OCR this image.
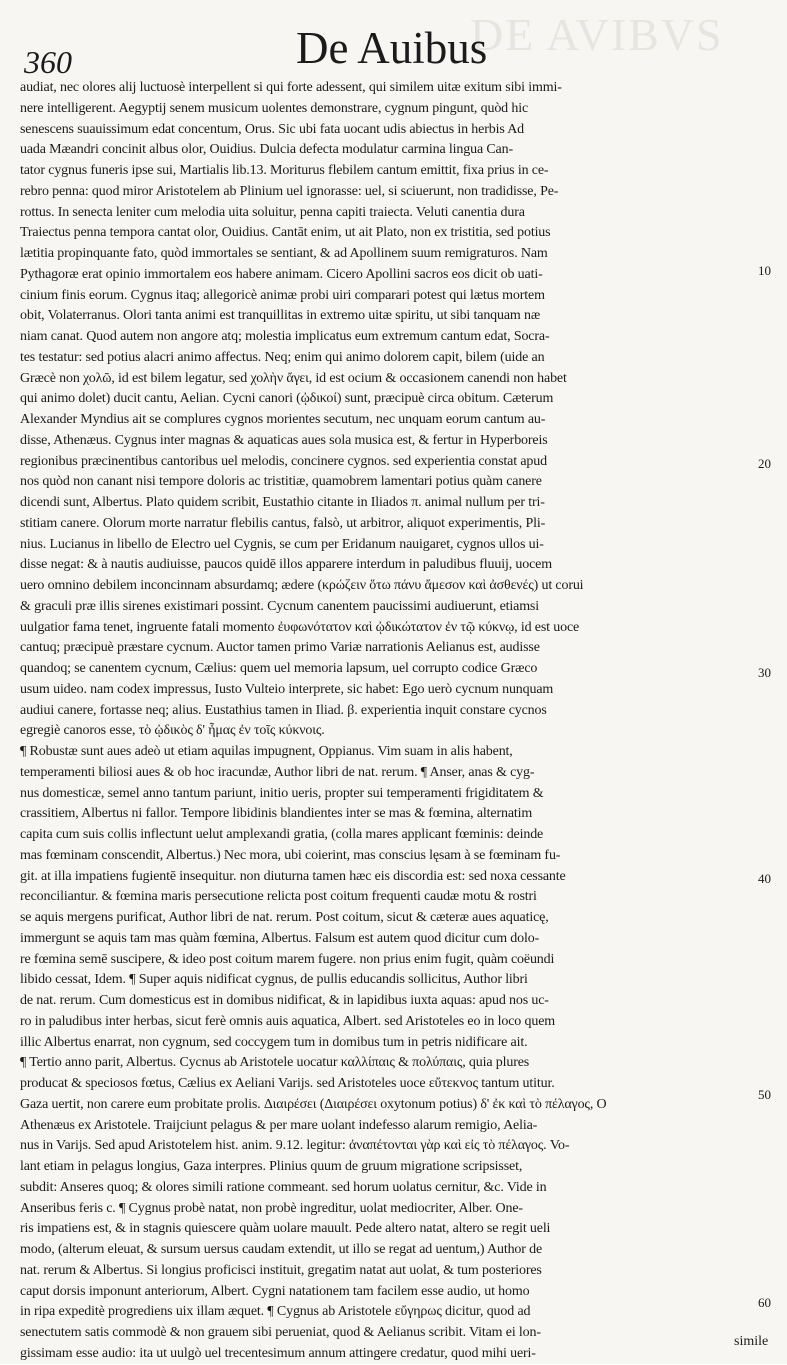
DE AVIBVS
360	De Auibus
audiat, nec olores alij luctuosè interpellent si qui forte adessent, qui similem uitæ exitum sibi immi-
nere intelligerent. Aegyptij senem musicum uolentes demonstrare, cygnum pingunt, quòd hic
senescens suauissimum edat concentum, Orus. Sic ubi fata uocant udis abiectus in herbis Ad
uada Mæandri concinit albus olor, Ouidius. Dulcia defecta modulatur carmina lingua Can-
tator cygnus funeris ipse sui, Martialis lib.13. Moriturus flebilem cantum emittit, fixa prius in ce-
rebro penna: quod miror Aristotelem ab Plinium uel ignorasse: uel, si sciuerunt, non tradidisse, Pe-
rottus. In senecta leniter cum melodia uita soluitur, penna capiti traiecta. Veluti canentia dura
Traiectus penna tempora cantat olor, Ouidius. Cantāt enim, ut ait Plato, non ex tristitia, sed potius
lætitia propinquante fato, quòd immortales se sentiant, & ad Apollinem suum remigraturos. Nam
Pythagoræ erat opinio immortalem eos habere animam. Cicero Apollini sacros eos dicit ob uati-
cinium finis eorum. Cygnus itaq; allegoricè animæ probi uiri comparari potest qui lætus mortem
obit, Volaterranus. Olori tanta animi est tranquillitas in extremo uitæ spiritu, ut sibi tanquam næ
niam canat. Quod autem non angore atq; molestia implicatus eum extremum cantum edat, Socra-
tes testatur: sed potius alacri animo affectus. Neq; enim qui animo dolorem capit, bilem (uide an
Græcè non χολῶ, id est bilem legatur, sed χολὴν ἄγει, id est ocium & occasionem canendi non habet
qui animo dolet) ducit cantu, Aelian. Cycni canori (ᾠδικοί) sunt, præcipuè circa obitum. Cæterum
Alexander Myndius ait se complures cygnos morientes secutum, nec unquam eorum cantum au-
disse, Athenæus. Cygnus inter magnas & aquaticas aues sola musica est, & fertur in Hyperboreis
regionibus præcinentibus cantoribus uel melodis, concinere cygnos. sed experientia constat apud
nos quòd non canant nisi tempore doloris ac tristitiæ, quamobrem lamentari potius quàm canere
dicendi sunt, Albertus. Plato quidem scribit, Eustathio citante in Iliados π. animal nullum per tri-
stitiam canere. Olorum morte narratur flebilis cantus, falsò, ut arbitror, aliquot experimentis, Pli-
nius. Lucianus in libello de Electro uel Cygnis, se cum per Eridanum nauigaret, cygnos ullos ui-
disse negat: & à nautis audiuisse, paucos quidē illos apparere interdum in paludibus fluuij, uocem
uero omnino debilem inconcinnam absurdamq; ædere (κρώζειν ὅτω πάνυ ἄμεσον καὶ ἀσθενές) ut corui
& graculi præ illis sirenes existimari possint. Cycnum canentem paucissimi audiuerunt, etiamsi
uulgatior fama tenet, ingruente fatali momento ἐυφωνότατον καὶ ᾠδικώτατον ἐν τῷ κύκνῳ, id est uoce
cantuq; præcipuè præstare cycnum. Auctor tamen primo Variæ narrationis Aelianus est, audisse
quandoq; se canentem cycnum, Cælius: quem uel memoria lapsum, uel corrupto codice Græco
usum uideo. nam codex impressus, Iusto Vulteio interprete, sic habet: Ego uerò cycnum nunquam
audiui canere, fortasse neq; alius. Eustathius tamen in Iliad. β. experientia inquit constare cycnos
egregiè canoros esse, τὸ ᾠδικὸς δ' ἦμας ἐν τοῖς κύκνοις.
¶ Robustæ sunt aues adeò ut etiam aquilas impugnent, Oppianus. Vim suam in alis habent,
temperamenti biliosi aues & ob hoc iracundæ, Author libri de nat. rerum. ¶ Anser, anas & cyg-
nus domesticæ, semel anno tantum pariunt, initio ueris, propter sui temperamenti frigiditatem &
crassitiem, Albertus ni fallor. Tempore libidinis blandientes inter se mas & fœmina, alternatim
capita cum suis collis inflectunt uelut amplexandi gratia, (colla mares applicant fœminis: deinde
mas fœminam conscendit, Albertus.) Nec mora, ubi coierint, mas conscius lęsam à se fœminam fu-
git. at illa impatiens fugientē insequitur. non diuturna tamen hæc eis discordia est: sed noxa cessante
reconciliantur. & fœmina maris persecutione relicta post coitum frequenti caudæ motu & rostri
se aquis mergens purificat, Author libri de nat. rerum. Post coitum, sicut & cæteræ aues aquaticę,
immergunt se aquis tam mas quàm fœmina, Albertus. Falsum est autem quod dicitur cum dolo-
re fœmina semē suscipere, & ideo post coitum marem fugere. non prius enim fugit, quàm coëundi
libido cessat, Idem. ¶ Super aquis nidificat cygnus, de pullis educandis sollicitus, Author libri
de nat. rerum. Cum domesticus est in domibus nidificat, & in lapidibus iuxta aquas: apud nos uc-
ro in paludibus inter herbas, sicut ferè omnis auis aquatica, Albert. sed Aristoteles eo in loco quem
illic Albertus enarrat, non cygnum, sed coccygem tum in domibus tum in petris nidificare ait.
¶ Tertio anno parit, Albertus. Cycnus ab Aristotele uocatur καλλίπαις & πολύπαις, quia plures
producat & speciosos fœtus, Cælius ex Aeliani Varijs. sed Aristoteles uoce εὔτεκνος tantum utitur.
Gaza uertit, non carere eum probitate prolis. Διαιρέσει (Διαιρέσει oxytonum potius) δ' ἐκ καὶ τὸ πέλαγος, Ο
Athenæus ex Aristotele. Traijciunt pelagus & per mare uolant indefesso alarum remigio, Aelia-
nus in Varijs. Sed apud Aristotelem hist. anim. 9.12. legitur: ἀναπέτονται γὰρ καὶ εἰς τὸ πέλαγος. Vo-
lant etiam in pelagus longius, Gaza interpres. Plinius quum de gruum migratione scripsisset,
subdit: Anseres quoq; & olores simili ratione commeant. sed horum uolatus cernitur, &c. Vide in
Anseribus feris c. ¶ Cygnus probè natat, non probè ingreditur, uolat mediocriter, Alber. One-
ris impatiens est, & in stagnis quiescere quàm uolare mauult. Pede altero natat, altero se regit ueli
modo, (alterum eleuat, & sursum uersus caudam extendit, ut illo se regat ad uentum,) Author de
nat. rerum & Albertus. Si longius proficisci instituit, gregatim natat aut uolat, & tum posteriores
caput dorsis imponunt anteriorum, Albert. Cygni natationem tam facilem esse audio, ut homo
in ripa expeditè progrediens uix illam æquet. ¶ Cygnus ab Aristotele εὔγηρως dicitur, quod ad
senectutem satis commodè & non grauem sibi perueniat, quod & Aelianus scribit. Vitam ei lon-
gissimam esse audio: ita ut uulgò uel trecentesimum annum attingere credatur, quod mihi ueri-
10
20
30
40
50
60
simile
